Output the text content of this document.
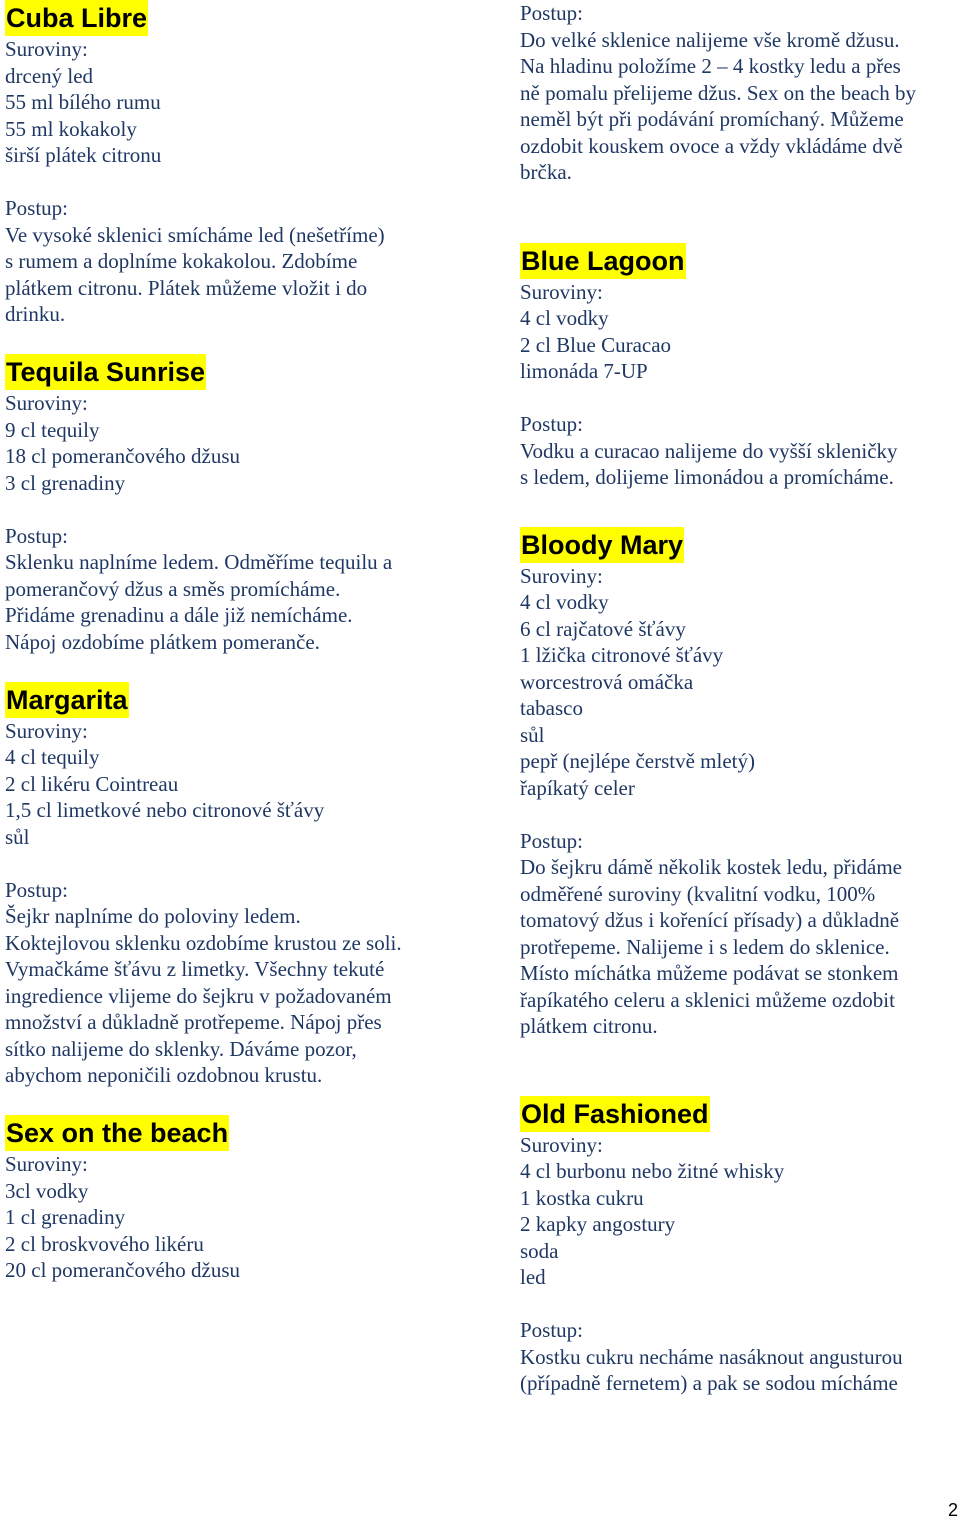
Cuba Libre
Suroviny:
drcený led
55 ml bílého rumu
55 ml kokakoly
širší plátek citronu
Postup:
Ve vysoké sklenici smícháme led (nešetříme)
s rumem a doplníme kokakolou. Zdobíme
plátkem citronu. Plátek můžeme vložit i do
drinku.
Tequila Sunrise
Suroviny:
9 cl tequily
18 cl pomerančového džusu
3 cl grenadiny
Postup:
Sklenku naplníme ledem. Odměříme tequilu a
pomerančový džus a směs promícháme.
Přidáme grenadinu a dále již nemícháme.
Nápoj ozdobíme plátkem pomeranče.
Margarita
Suroviny:
4 cl tequily
2 cl likéru Cointreau
1,5 cl limetkové nebo citronové šťávy
sůl
Postup:
Šejkr naplníme do poloviny ledem.
Koktejlovou sklenku ozdobíme krustou ze soli.
Vymačkáme šťávu z limetky. Všechny tekuté
ingredience vlijeme do šejkru v požadovaném
množství a důkladně protřepeme. Nápoj přes
sítko nalijeme do sklenky. Dáváme pozor,
abychom neponičili ozdobnou krustu.
Sex on the beach
Suroviny:
3cl vodky
1 cl grenadiny
2 cl broskvového likéru
20 cl pomerančového džusu
Postup:
Do velké sklenice nalijeme vše kromě džusu.
Na hladinu položíme 2 – 4 kostky ledu a přes
ně pomalu přelijeme džus. Sex on the beach by
neměl být při podávání promíchaný. Můžeme
ozdobit kouskem ovoce a vždy vkládáme dvě
brčka.
Blue Lagoon
Suroviny:
4 cl vodky
2 cl Blue Curacao
limonáda 7-UP
Postup:
Vodku a curacao nalijeme do vyšší skleničky
s ledem, dolijeme limonádou a promícháme.
Bloody Mary
Suroviny:
4 cl vodky
6 cl rajčatové šťávy
1 lžička citronové šťávy
worcestrová omáčka
tabasco
sůl
pepř (nejlépe čerstvě mletý)
řapíkatý celer
Postup:
Do šejkru dámě několik kostek ledu, přidáme
odměřené suroviny (kvalitní vodku, 100%
tomatový džus i kořenící přísady) a důkladně
protřepeme. Nalijeme i s ledem do sklenice.
Místo míchátka můžeme podávat se stonkem
řapíkatého celeru a sklenici můžeme ozdobit
plátkem citronu.
Old Fashioned
Suroviny:
4 cl burbonu nebo žitné whisky
1 kostka cukru
2 kapky angostury
soda
led
Postup:
Kostku cukru necháme nasáknout angusturou
(případně fernetem) a pak se sodou mícháme
2
